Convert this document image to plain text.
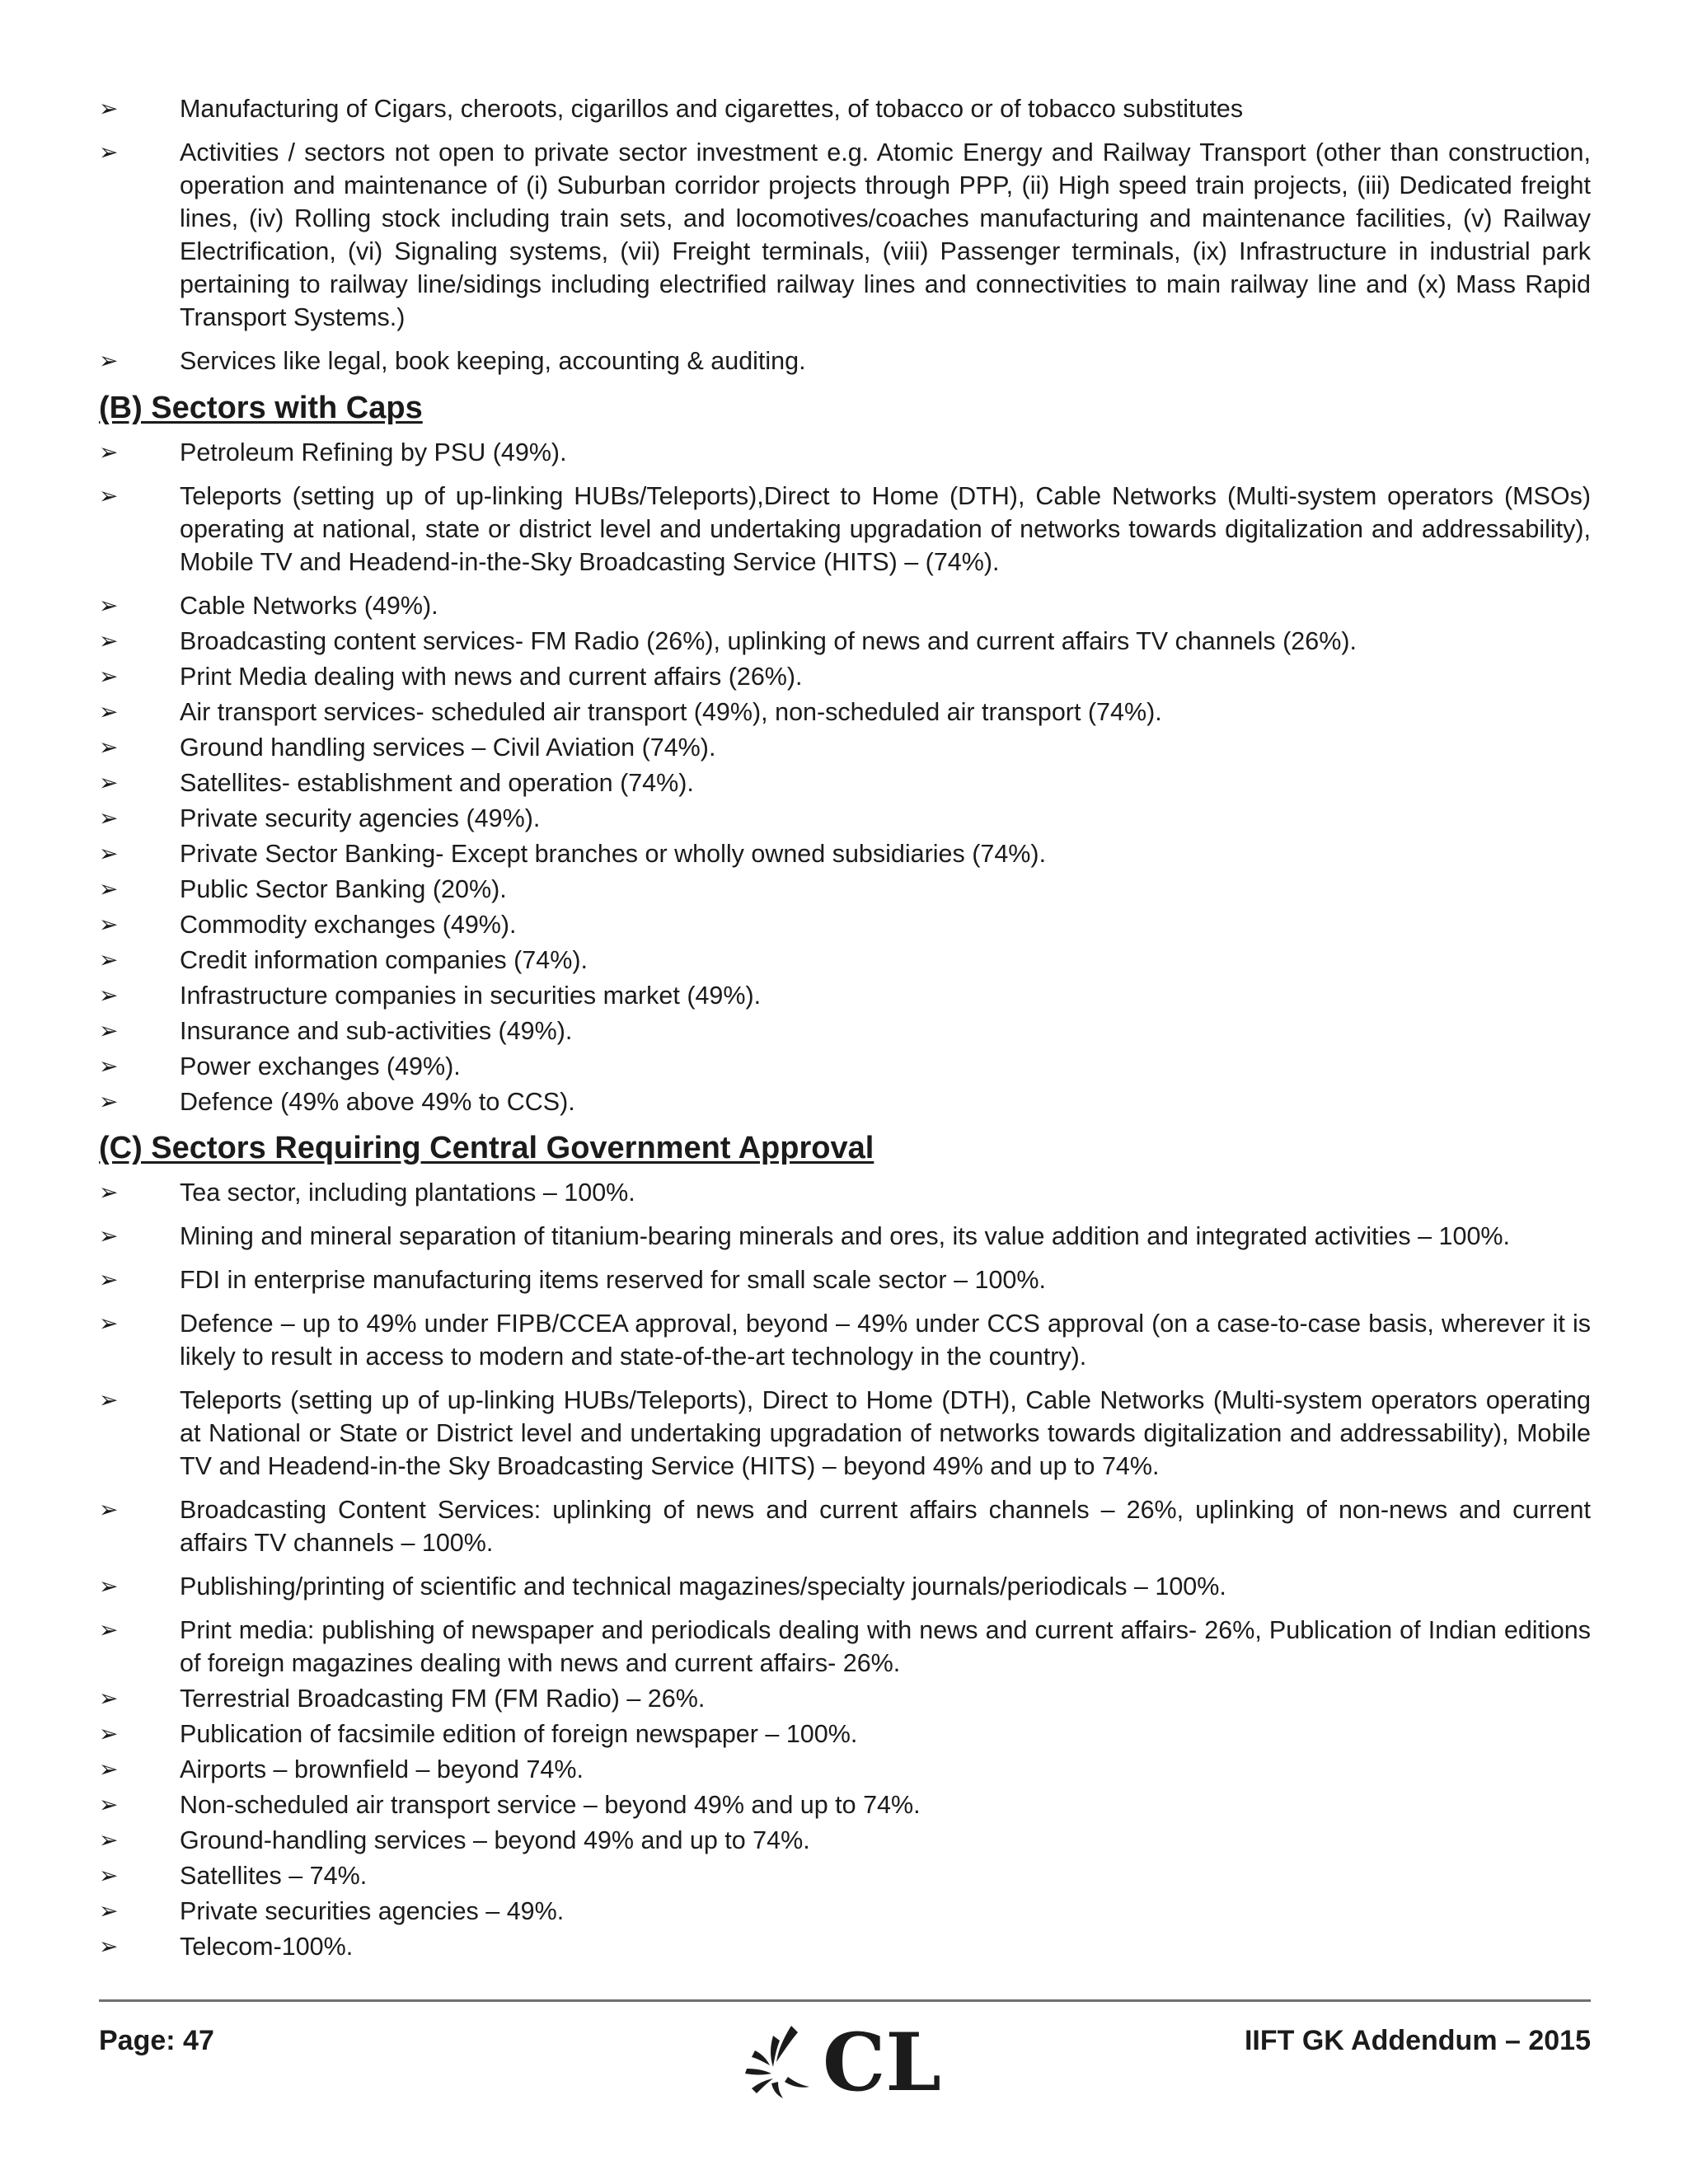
➢ Manufacturing of Cigars, cheroots, cigarillos and cigarettes, of tobacco or of tobacco substitutes
➢ Activities / sectors not open to private sector investment e.g. Atomic Energy and Railway Transport (other than construction, operation and maintenance of (i) Suburban corridor projects through PPP, (ii) High speed train projects, (iii) Dedicated freight lines, (iv) Rolling stock including train sets, and locomotives/coaches manufacturing and maintenance facilities, (v) Railway Electrification, (vi) Signaling systems, (vii) Freight terminals, (viii) Passenger terminals, (ix) Infrastructure in industrial park pertaining to railway line/sidings including electrified railway lines and connectivities to main railway line and (x) Mass Rapid Transport Systems.)
➢ Services like legal, book keeping, accounting & auditing.
(B) Sectors with Caps
➢ Petroleum Refining by PSU (49%).
➢ Teleports (setting up of up-linking HUBs/Teleports),Direct to Home (DTH), Cable Networks (Multi-system operators (MSOs) operating at national, state or district level and undertaking upgradation of networks towards digitalization and addressability), Mobile TV and Headend-in-the-Sky Broadcasting Service (HITS) – (74%).
➢ Cable Networks (49%).
➢ Broadcasting content services- FM Radio (26%), uplinking of news and current affairs TV channels (26%).
➢ Print Media dealing with news and current affairs (26%).
➢ Air transport services- scheduled air transport (49%), non-scheduled air transport (74%).
➢ Ground handling services – Civil Aviation (74%).
➢ Satellites- establishment and operation (74%).
➢ Private security agencies (49%).
➢ Private Sector Banking- Except branches or wholly owned subsidiaries (74%).
➢ Public Sector Banking (20%).
➢ Commodity exchanges (49%).
➢ Credit information companies (74%).
➢ Infrastructure companies in securities market (49%).
➢ Insurance and sub-activities (49%).
➢ Power exchanges (49%).
➢ Defence (49% above 49% to CCS).
(C) Sectors Requiring Central Government Approval
➢ Tea sector, including plantations – 100%.
➢ Mining and mineral separation of titanium-bearing minerals and ores, its value addition and integrated activities – 100%.
➢ FDI in enterprise manufacturing items reserved for small scale sector – 100%.
➢ Defence – up to 49% under FIPB/CCEA approval, beyond – 49% under CCS approval (on a case-to-case basis, wherever it is likely to result in access to modern and state-of-the-art technology in the country).
➢ Teleports (setting up of up-linking HUBs/Teleports), Direct to Home (DTH), Cable Networks (Multi-system operators operating at National or State or District level and undertaking upgradation of networks towards digitalization and addressability), Mobile TV and Headend-in-the Sky Broadcasting Service (HITS) – beyond 49% and up to 74%.
➢ Broadcasting Content Services: uplinking of news and current affairs channels – 26%, uplinking of non-news and current affairs TV channels – 100%.
➢ Publishing/printing of scientific and technical magazines/specialty journals/periodicals – 100%.
➢ Print media: publishing of newspaper and periodicals dealing with news and current affairs- 26%, Publication of Indian editions of foreign magazines dealing with news and current affairs- 26%.
➢ Terrestrial Broadcasting FM (FM Radio) – 26%.
➢ Publication of facsimile edition of foreign newspaper – 100%.
➢ Airports – brownfield – beyond 74%.
➢ Non-scheduled air transport service – beyond 49% and up to 74%.
➢ Ground-handling services – beyond 49% and up to 74%.
➢ Satellites – 74%.
➢ Private securities agencies – 49%.
➢ Telecom-100%.
Page: 47	CL	IIFT GK Addendum – 2015
